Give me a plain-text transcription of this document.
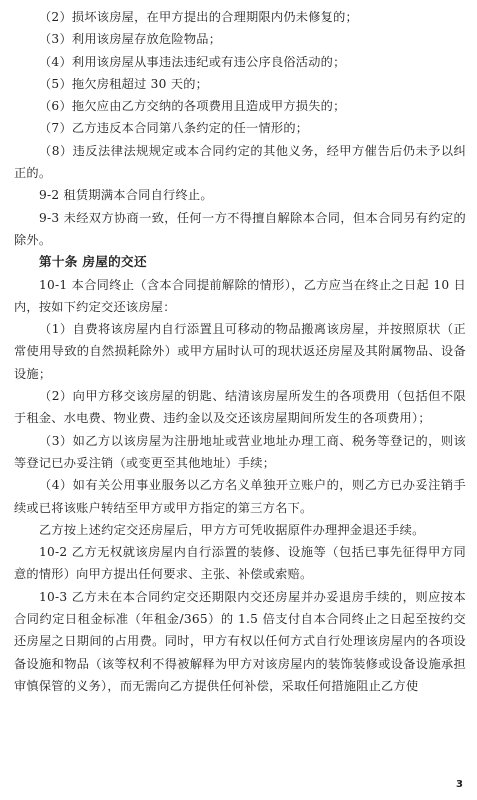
（2）损坏该房屋，在甲方提出的合理期限内仍未修复的；

（3）利用该房屋存放危险物品；

（4）利用该房屋从事违法违纪或有违公序良俗活动的；

（5）拖欠房租超过 30 天的；

（6）拖欠应由乙方交纳的各项费用且造成甲方损失的；

（7）乙方违反本合同第八条约定的任一情形的；

（8）违反法律法规规定或本合同约定的其他义务，经甲方催告后仍未予以纠正的。

9-2 租赁期满本合同自行终止。

9-3 未经双方协商一致，任何一方不得擅自解除本合同，但本合同另有约定的除外。

第十条 房屋的交还

10-1 本合同终止（含本合同提前解除的情形），乙方应当在终止之日起 10 日内，按如下约定交还该房屋：

（1）自费将该房屋内自行添置且可移动的物品搬离该房屋，并按照原状（正常使用导致的自然损耗除外）或甲方届时认可的现状返还房屋及其附属物品、设备设施；

（2）向甲方移交该房屋的钥匙、结清该房屋所发生的各项费用（包括但不限于租金、水电费、物业费、违约金以及交还该房屋期间所发生的各项费用）；

（3）如乙方以该房屋为注册地址或营业地址办理工商、税务等登记的，则该等登记已办妥注销（或变更至其他地址）手续；

（4）如有关公用事业服务以乙方名义单独开立账户的，则乙方已办妥注销手续或已将该账户转结至甲方或甲方指定的第三方名下。

乙方按上述约定交还房屋后，甲方方可凭收据原件办理押金退还手续。

10-2 乙方无权就该房屋内自行添置的装修、设施等（包括已事先征得甲方同意的情形）向甲方提出任何要求、主张、补偿或索赔。

10-3 乙方未在本合同约定交还期限内交还房屋并办妥退房手续的，则应按本合同约定日租金标准（年租金/365）的 1.5 倍支付自本合同终止之日起至按约交还房屋之日期间的占用费。同时，甲方有权以任何方式自行处理该房屋内的各项设备设施和物品（该等权利不得被解释为甲方对该房屋内的装饰装修或设备设施承担审慎保管的义务），而无需向乙方提供任何补偿，采取任何措施阻止乙方使

3
